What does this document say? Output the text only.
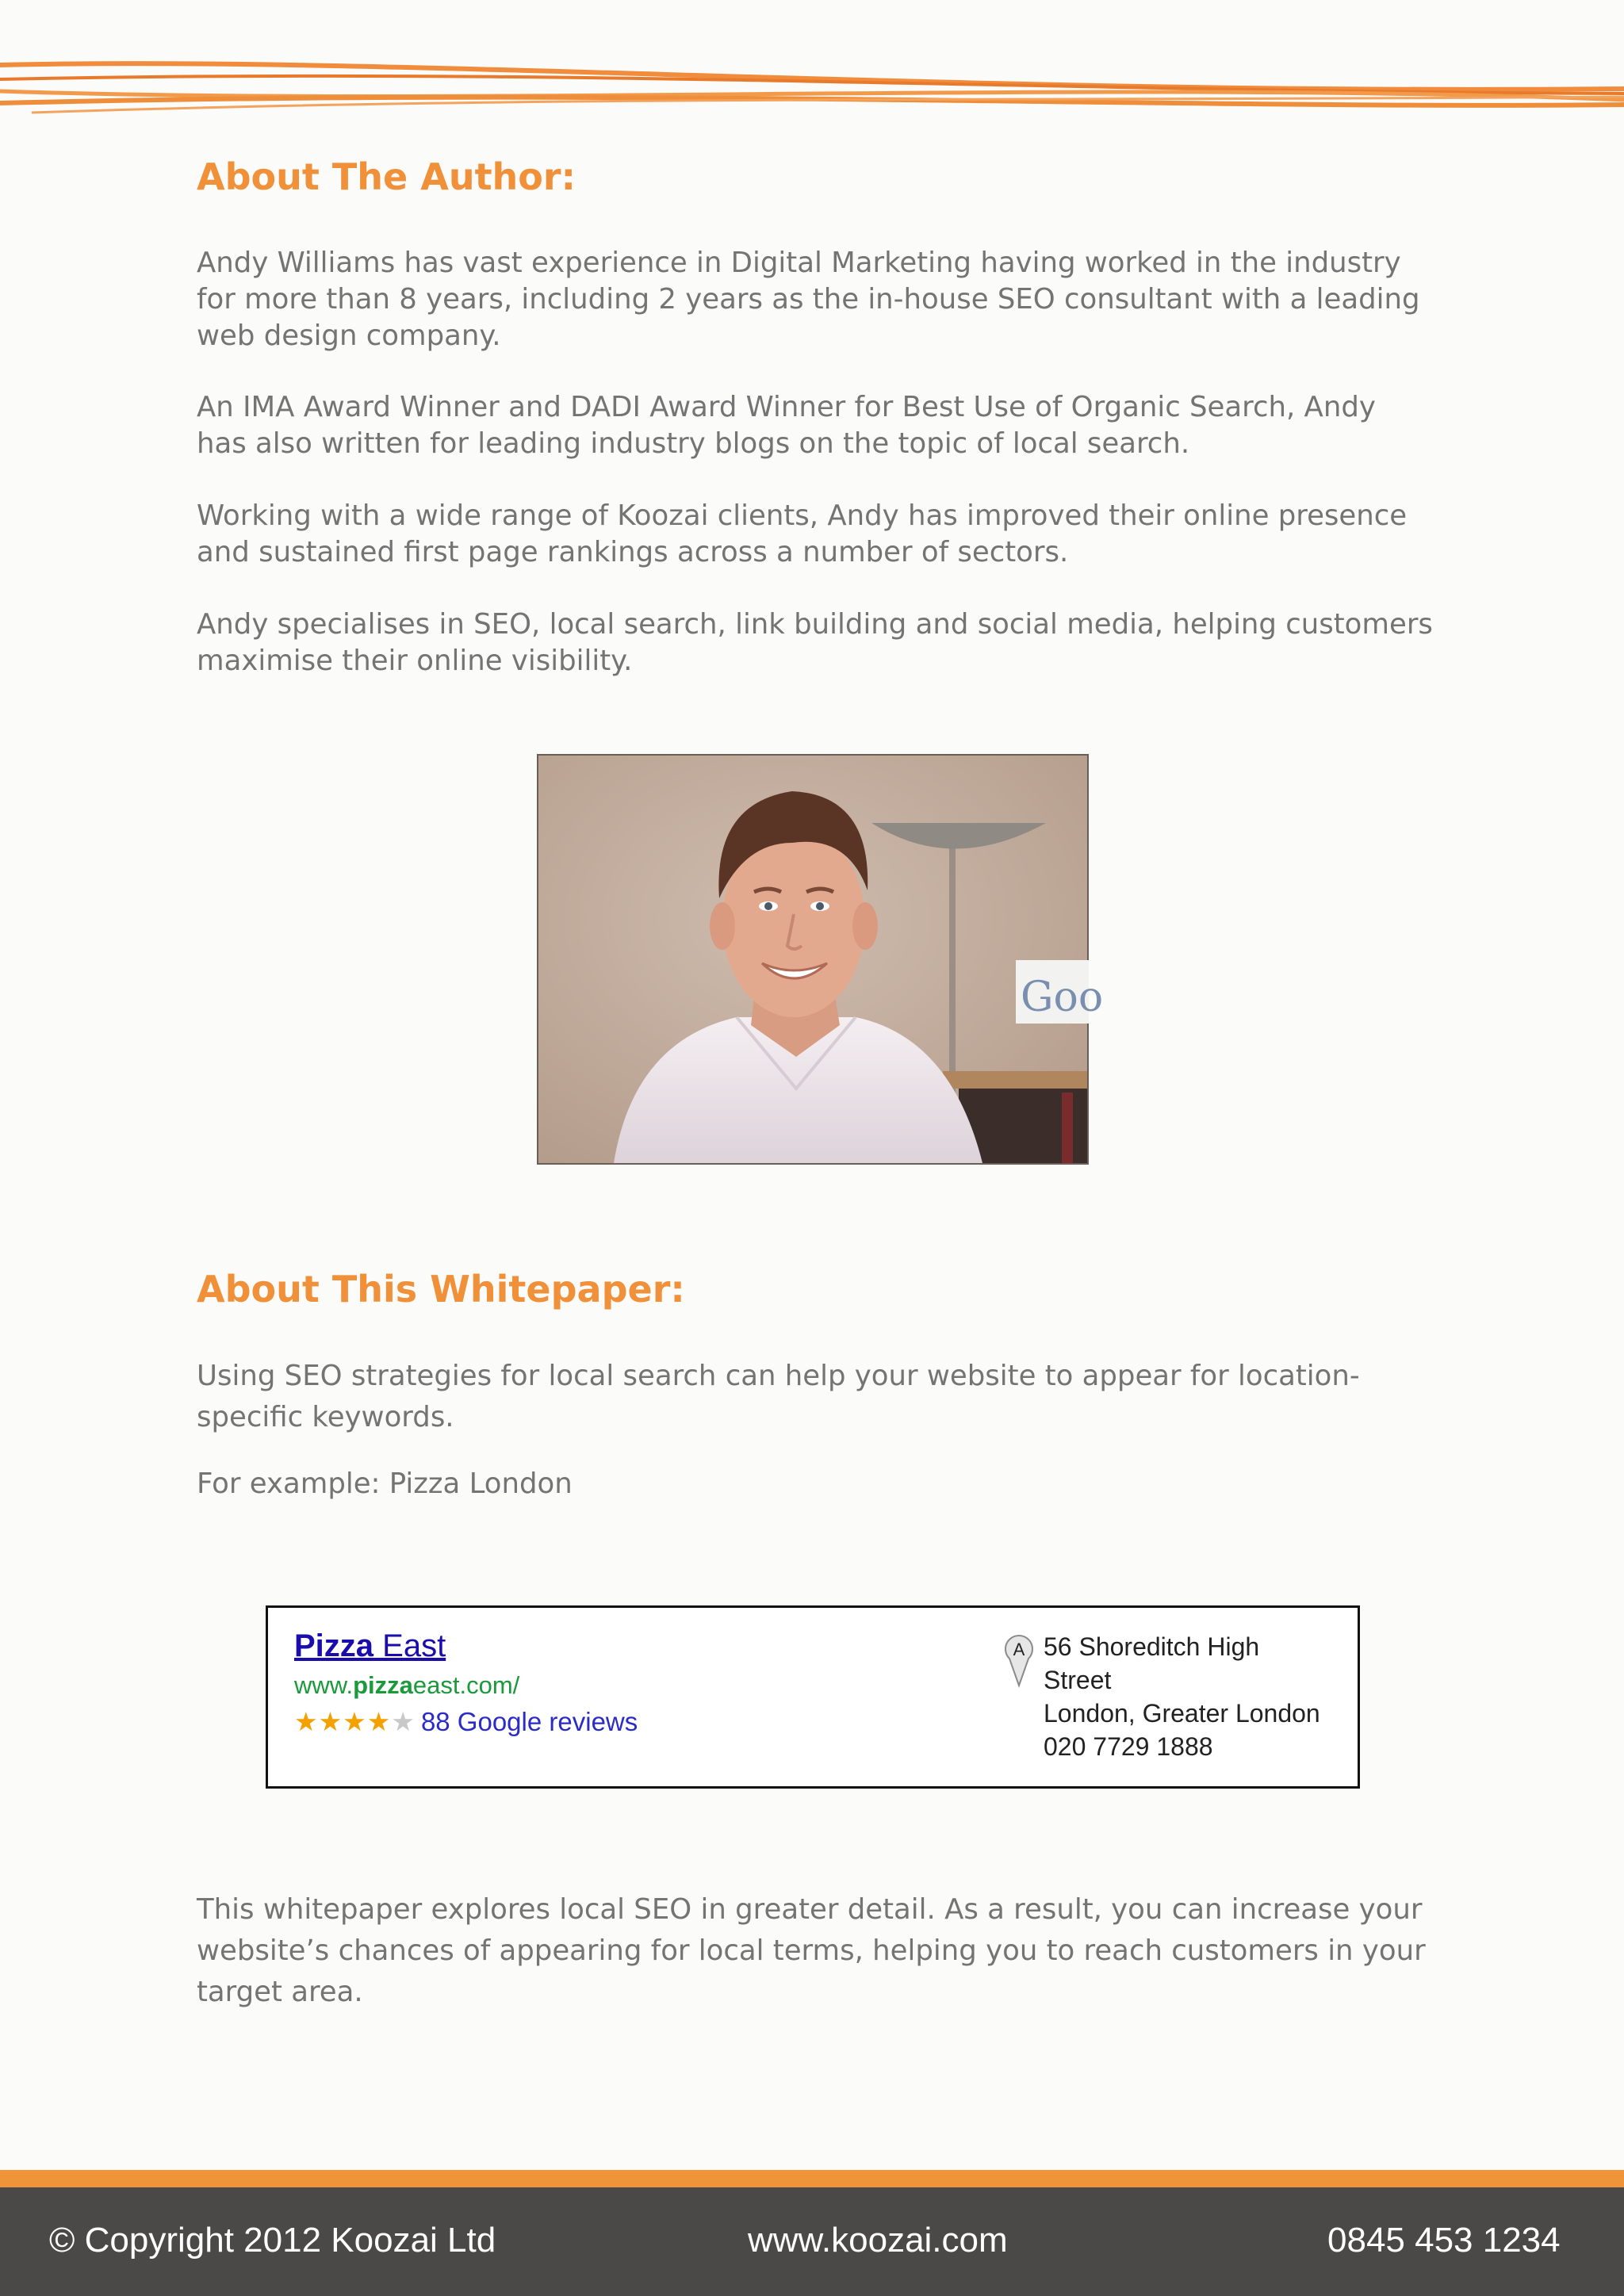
About The Author:

Andy Williams has vast experience in Digital Marketing having worked in the industry for more than 8 years, including 2 years as the in-house SEO consultant with a leading web design company.

An IMA Award Winner and DADI Award Winner for Best Use of Organic Search, Andy has also written for leading industry blogs on the topic of local search.

Working with a wide range of Koozai clients, Andy has improved their online presence and sustained first page rankings across a number of sectors.

Andy specialises in SEO, local search, link building and social media, helping customers maximise their online visibility.

Goo
About This Whitepaper:

Using SEO strategies for local search can help your website to appear for location-specific keywords.

For example: Pizza London

Pizza East
www.pizzaeast.com/
★★★★★ 88 Google reviews
A 56 Shoreditch High
Street
London, Greater London
020 7729 1888

This whitepaper explores local SEO in greater detail. As a result, you can increase your website’s chances of appearing for local terms, helping you to reach customers in your target area.

© Copyright 2012 Koozai Ltd	www.koozai.com	0845 453 1234
